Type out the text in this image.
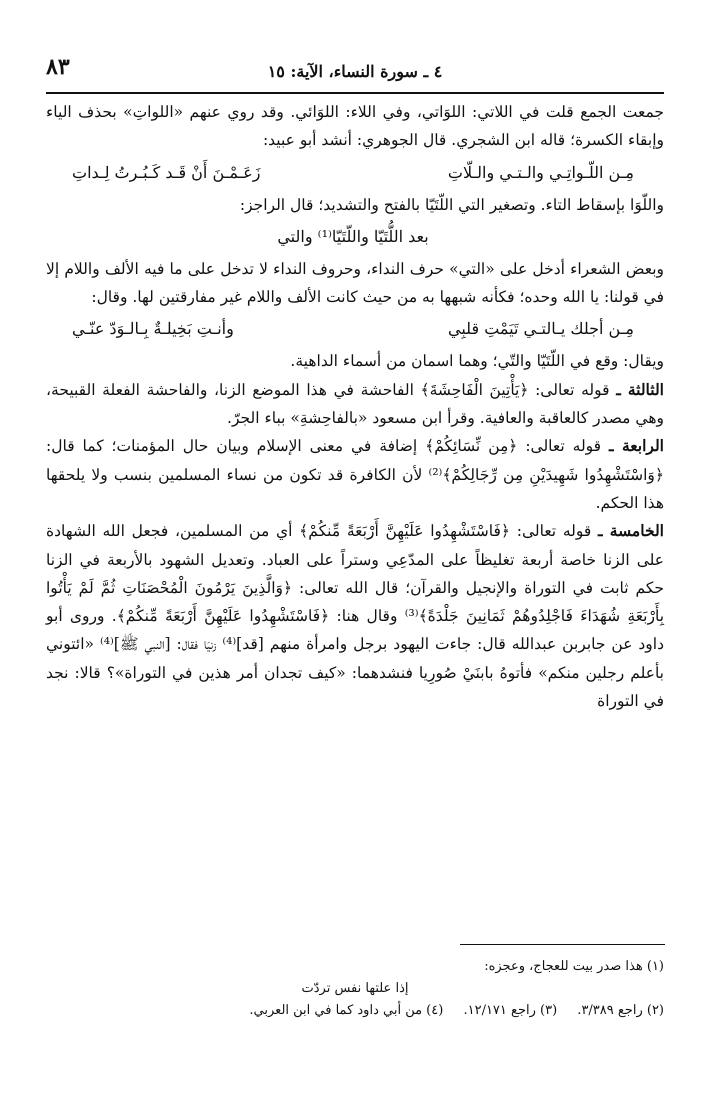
٤ ـ سورة النساء، الآية: ١٥
٨٣

جمعت الجمع قلت في اللاتي: اللوَاتي، وفي اللاء: اللوَائي. وقد روي عنهم «اللواتِ» بحذف الياء وإبقاء الكسرة؛ قاله ابن الشجري. قال الجوهري: أنشد أبو عبيد:

مِـن اللّـواتِـي والـتـي والـلّاتِ
زَعَـمْـنَ أَنْ قَـد كَـبُـرتُ لِـداتِ

واللّوَا بإسقاط التاء. وتصغير التي اللّتَيّا بالفتح والتشديد؛ قال الراجز:

بعد اللُّتَيّا واللّتَيّا⁽¹⁾ والتي

وبعض الشعراء أدخل على «التي» حرف النداء، وحروف النداء لا تدخل على ما فيه الألف واللام إلا في قولنا: يا الله وحده؛ فكأنه شبهها به من حيث كانت الألف واللام غير مفارقتين لها. وقال:

مِـن أجلك يـالتـي تَيَمْتِ قلبِي
وأنـتِ بَخِيلـةٌ بِـالـوَدّ عنّـي

ويقال: وقع في اللّتَيّا والتّي؛ وهما اسمان من أسماء الداهية.

الثالثة ـ قوله تعالى: ﴿يَأْتِينَ الْفَاحِشَةَ﴾ الفاحشة في هذا الموضع الزنا، والفاحشة الفعلة القبيحة، وهي مصدر كالعاقبة والعافية. وقرأ ابن مسعود «بالفاحِشةِ» بباء الجرّ.

الرابعة ـ قوله تعالى: ﴿مِن نِّسَائِكُمْ﴾ إضافة في معنى الإسلام وبيان حال المؤمنات؛ كما قال: ﴿وَاسْتَشْهِدُوا شَهِيدَيْنِ مِن رِّجَالِكُمْ﴾⁽²⁾ لأن الكافرة قد تكون من نساء المسلمين بنسب ولا يلحقها هذا الحكم.

الخامسة ـ قوله تعالى: ﴿فَاسْتَشْهِدُوا عَلَيْهِنَّ أَرْبَعَةً مِّنكُمْ﴾ أي من المسلمين، فجعل الله الشهادة على الزنا خاصة أربعة تغليظاً على المدّعِي وستراً على العباد. وتعديل الشهود بالأربعة في الزنا حكم ثابت في التوراة والإنجيل والقرآن؛ قال الله تعالى: ﴿وَالَّذِينَ يَرْمُونَ الْمُحْصَنَاتِ ثُمَّ لَمْ يَأْتُوا بِأَرْبَعَةِ شُهَدَاءَ فَاجْلِدُوهُمْ ثَمَانِينَ جَلْدَةً﴾⁽³⁾ وقال هنا: ﴿فَاسْتَشْهِدُوا عَلَيْهِنَّ أَرْبَعَةً مِّنكُمْ﴾. وروى أبو داود عن جابربن عبدالله قال: جاءت اليهود برجل وامرأة منهم [قد]⁽⁴⁾ زنيَا فقال: [النبي ﷺ]⁽⁴⁾ «ائتوني بأعلم رجلين منكم» فأتوهُ بابنَيْ صُورِيا فنشدهما: «كيف تجدان أمر هذين في التوراة»؟ قالا: نجد في التوراة

(١) هذا صدر بيت للعجاج، وعجزه:

إذا علتها نفس تردّت

(٢) راجع ٣/٣٨٩. (٣) راجع ١٢/١٧١. (٤) من أبي داود كما في ابن العربي.
